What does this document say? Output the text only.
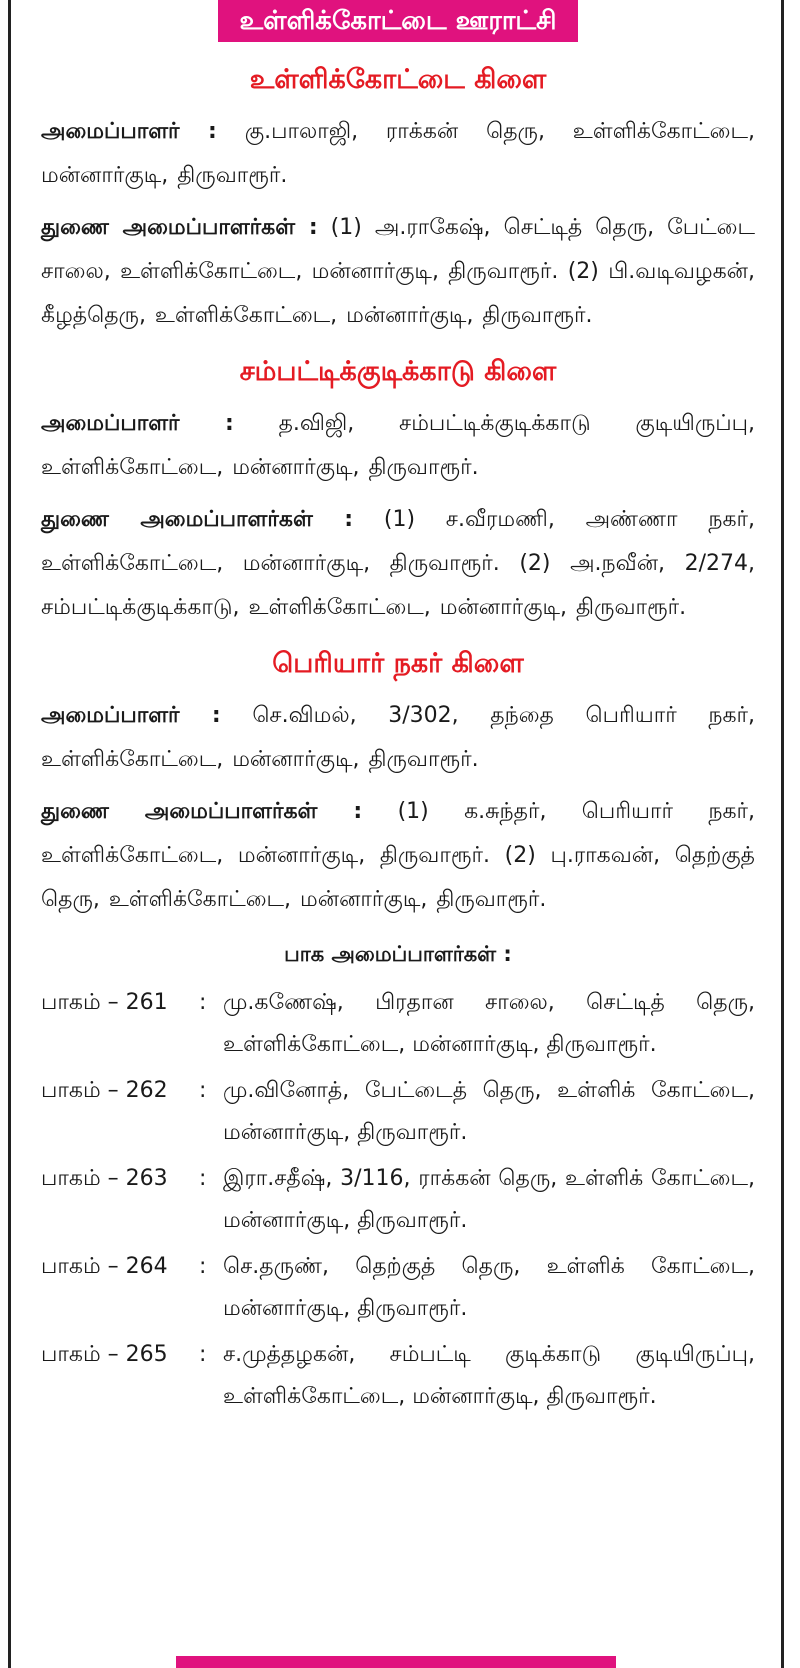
உள்ளிக்கோட்டை ஊராட்சி
உள்ளிக்கோட்டை கிளை

அமைப்பாளர் : கு.பாலாஜி, ராக்கன் தெரு, உள்ளிக்கோட்டை, மன்னார்குடி, திருவாரூர்.

துணை அமைப்பாளர்கள் : (1) அ.ராகேஷ், செட்டித் தெரு, பேட்டை சாலை, உள்ளிக்கோட்டை, மன்னார்குடி, திருவாரூர். (2) பி.வடிவழகன், கீழத்தெரு, உள்ளிக்கோட்டை, மன்னார்குடி, திருவாரூர்.

சம்பட்டிக்குடிக்காடு கிளை

அமைப்பாளர் : த.விஜி, சம்பட்டிக்குடிக்காடு குடியிருப்பு, உள்ளிக்கோட்டை, மன்னார்குடி, திருவாரூர்.

துணை அமைப்பாளர்கள் : (1) ச.வீரமணி, அண்ணா நகர், உள்ளிக்கோட்டை, மன்னார்குடி, திருவாரூர். (2) அ.நவீன், 2/274, சம்பட்டிக்குடிக்காடு, உள்ளிக்கோட்டை, மன்னார்குடி, திருவாரூர்.

பெரியார் நகர் கிளை

அமைப்பாளர் : செ.விமல், 3/302, தந்தை பெரியார் நகர், உள்ளிக்கோட்டை, மன்னார்குடி, திருவாரூர்.

துணை அமைப்பாளர்கள் : (1) க.சுந்தர், பெரியார் நகர், உள்ளிக்கோட்டை, மன்னார்குடி, திருவாரூர். (2) பு.ராகவன், தெற்குத் தெரு, உள்ளிக்கோட்டை, மன்னார்குடி, திருவாரூர்.

பாக அமைப்பாளர்கள் :
பாகம் – 261	: மு.கணேஷ், பிரதான சாலை, செட்டித் தெரு, உள்ளிக்கோட்டை, மன்னார்குடி, திருவாரூர்.
பாகம் – 262	: மு.வினோத், பேட்டைத் தெரு, உள்ளிக் கோட்டை, மன்னார்குடி, திருவாரூர்.
பாகம் – 263	: இரா.சதீஷ், 3/116, ராக்கன் தெரு, உள்ளிக் கோட்டை, மன்னார்குடி, திருவாரூர்.
பாகம் – 264	: செ.தருண், தெற்குத் தெரு, உள்ளிக் கோட்டை, மன்னார்குடி, திருவாரூர்.
பாகம் – 265	: ச.முத்தழகன், சம்பட்டி குடிக்காடு குடியிருப்பு, உள்ளிக்கோட்டை, மன்னார்குடி, திருவாரூர்.
